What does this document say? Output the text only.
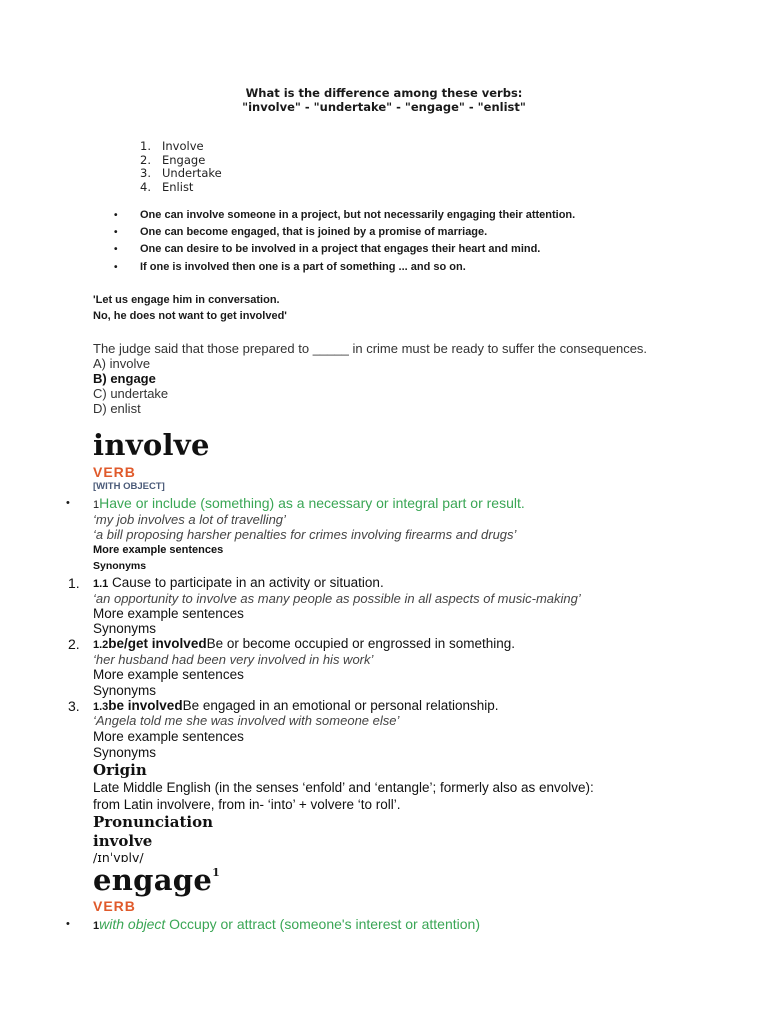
What is the difference among these verbs:
"involve" - "undertake" - "engage" - "enlist"
1. Involve
2. Engage
3. Undertake
4. Enlist
• One can involve someone in a project, but not necessarily engaging their attention.
• One can become engaged, that is joined by a promise of marriage.
• One can desire to be involved in a project that engages their heart and mind.
• If one is involved then one is a part of something ... and so on.
'Let us engage him in conversation.
No, he does not want to get involved'
The judge said that those prepared to _____ in crime must be ready to suffer the consequences.
A) involve
B) engage
C) undertake
D) enlist
involve
VERB
[WITH OBJECT]
• 1Have or include (something) as a necessary or integral part or result.
‘my job involves a lot of travelling’
‘a bill proposing harsher penalties for crimes involving firearms and drugs’
More example sentences
Synonyms
1. 1.1 Cause to participate in an activity or situation.
‘an opportunity to involve as many people as possible in all aspects of music-making’
More example sentences
Synonyms
2. 1.2be/get involvedBe or become occupied or engrossed in something.
‘her husband had been very involved in his work’
More example sentences
Synonyms
3. 1.3be involvedBe engaged in an emotional or personal relationship.
‘Angela told me she was involved with someone else’
More example sentences
Synonyms
Origin
Late Middle English (in the senses ‘enfold’ and ‘entangle’; formerly also as envolve):
from Latin involvere, from in- ‘into’ + volvere ‘to roll’.
Pronunciation
involve
/ɪnˈvɒlv/
engage$^1$
VERB
• 1with object Occupy or attract (someone's interest or attention)
